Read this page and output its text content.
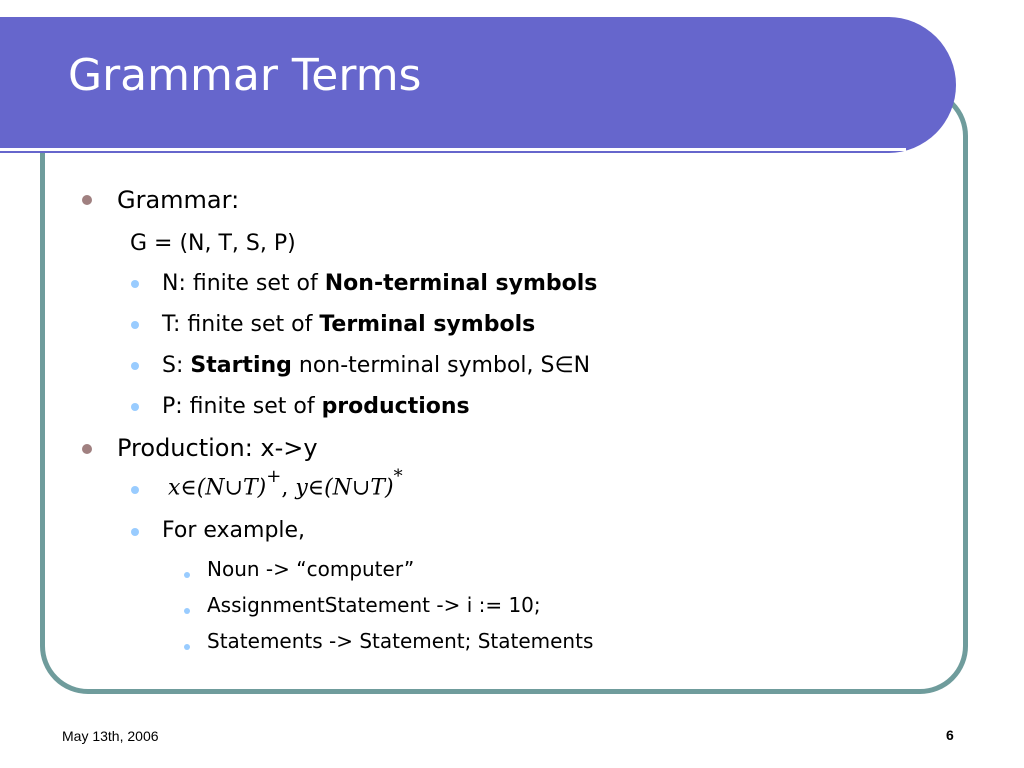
Grammar Terms
Grammar:
G = (N, T, S, P)
N: finite set of Non-terminal symbols
T: finite set of Terminal symbols
S: Starting non-terminal symbol, S∈N
P: finite set of productions
Production: x->y
x∈(N∪T)+, y∈(N∪T)*
For example,
Noun -> “computer”
AssignmentStatement -> i := 10;
Statements -> Statement; Statements
May 13th, 2006	6
